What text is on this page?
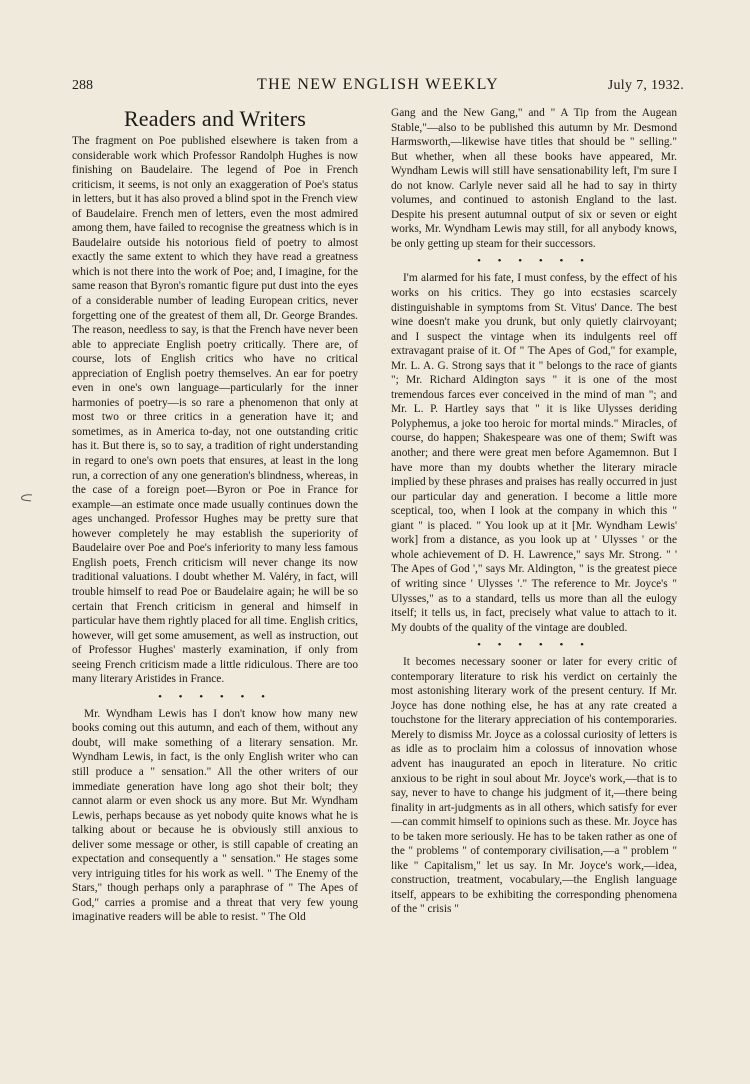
288	THE NEW ENGLISH WEEKLY	July 7, 1932.
Readers and Writers

The fragment on Poe published elsewhere is taken from a considerable work which Professor Randolph Hughes is now finishing on Baudelaire. The legend of Poe in French criticism, it seems, is not only an exaggeration of Poe's status in letters, but it has also proved a blind spot in the French view of Baudelaire. French men of letters, even the most admired among them, have failed to recognise the greatness which is in Baudelaire outside his notorious field of poetry to almost exactly the same extent to which they have read a greatness which is not there into the work of Poe; and, I imagine, for the same reason that Byron's romantic figure put dust into the eyes of a considerable number of leading European critics, never forgetting one of the greatest of them all, Dr. George Brandes. The reason, needless to say, is that the French have never been able to appreciate English poetry critically. There are, of course, lots of English critics who have no critical appreciation of English poetry themselves. An ear for poetry even in one's own language—particularly for the inner harmonies of poetry—is so rare a phenomenon that only at most two or three critics in a generation have it; and sometimes, as in America to-day, not one outstanding critic has it. But there is, so to say, a tradition of right understanding in regard to one's own poets that ensures, at least in the long run, a correction of any one generation's blindness, whereas, in the case of a foreign poet—Byron or Poe in France for example—an estimate once made usually continues down the ages unchanged. Professor Hughes may be pretty sure that however completely he may establish the superiority of Baudelaire over Poe and Poe's inferiority to many less famous English poets, French criticism will never change its now traditional valuations. I doubt whether M. Valéry, in fact, will trouble himself to read Poe or Baudelaire again; he will be so certain that French criticism in general and himself in particular have them rightly placed for all time. English critics, however, will get some amusement, as well as instruction, out of Professor Hughes' masterly examination, if only from seeing French criticism made a little ridiculous. There are too many literary Aristides in France.

• • • • • •

Mr. Wyndham Lewis has I don't know how many new books coming out this autumn, and each of them, without any doubt, will make something of a literary sensation. Mr. Wyndham Lewis, in fact, is the only English writer who can still produce a " sensation." All the other writers of our immediate generation have long ago shot their bolt; they cannot alarm or even shock us any more. But Mr. Wyndham Lewis, perhaps because as yet nobody quite knows what he is talking about or because he is obviously still anxious to deliver some message or other, is still capable of creating an expectation and consequently a " sensation." He stages some very intriguing titles for his work as well. " The Enemy of the Stars," though perhaps only a paraphrase of " The Apes of God," carries a promise and a threat that very few young imaginative readers will be able to resist. " The Old

Gang and the New Gang," and " A Tip from the Augean Stable,"—also to be published this autumn by Mr. Desmond Harmsworth,—likewise have titles that should be " selling." But whether, when all these books have appeared, Mr. Wyndham Lewis will still have sensationability left, I'm sure I do not know. Carlyle never said all he had to say in thirty volumes, and continued to astonish England to the last. Despite his present autumnal output of six or seven or eight works, Mr. Wyndham Lewis may still, for all anybody knows, be only getting up steam for their successors.

• • • • • •

I'm alarmed for his fate, I must confess, by the effect of his works on his critics. They go into ecstasies scarcely distinguishable in symptoms from St. Vitus' Dance. The best wine doesn't make you drunk, but only quietly clairvoyant; and I suspect the vintage when its indulgents reel off extravagant praise of it. Of " The Apes of God," for example, Mr. L. A. G. Strong says that it " belongs to the race of giants "; Mr. Richard Aldington says " it is one of the most tremendous farces ever conceived in the mind of man "; and Mr. L. P. Hartley says that " it is like Ulysses deriding Polyphemus, a joke too heroic for mortal minds." Miracles, of course, do happen; Shakespeare was one of them; Swift was another; and there were great men before Agamemnon. But I have more than my doubts whether the literary miracle implied by these phrases and praises has really occurred in just our particular day and generation. I become a little more sceptical, too, when I look at the company in which this " giant " is placed. " You look up at it [Mr. Wyndham Lewis' work] from a distance, as you look up at ' Ulysses ' or the whole achievement of D. H. Lawrence," says Mr. Strong. " ' The Apes of God '," says Mr. Aldington, " is the greatest piece of writing since ' Ulysses '." The reference to Mr. Joyce's " Ulysses," as to a standard, tells us more than all the eulogy itself; it tells us, in fact, precisely what value to attach to it. My doubts of the quality of the vintage are doubled.

• • • • • •

It becomes necessary sooner or later for every critic of contemporary literature to risk his verdict on certainly the most astonishing literary work of the present century. If Mr. Joyce has done nothing else, he has at any rate created a touchstone for the literary appreciation of his contemporaries. Merely to dismiss Mr. Joyce as a colossal curiosity of letters is as idle as to proclaim him a colossus of innovation whose advent has inaugurated an epoch in literature. No critic anxious to be right in soul about Mr. Joyce's work,—that is to say, never to have to change his judgment of it,—there being finality in art-judgments as in all others, which satisfy for ever—can commit himself to opinions such as these. Mr. Joyce has to be taken more seriously. He has to be taken rather as one of the " problems " of contemporary civilisation,—a " problem " like " Capitalism," let us say. In Mr. Joyce's work,—idea, construction, treatment, vocabulary,—the English language itself, appears to be exhibiting the corresponding phenomena of the " crisis "
